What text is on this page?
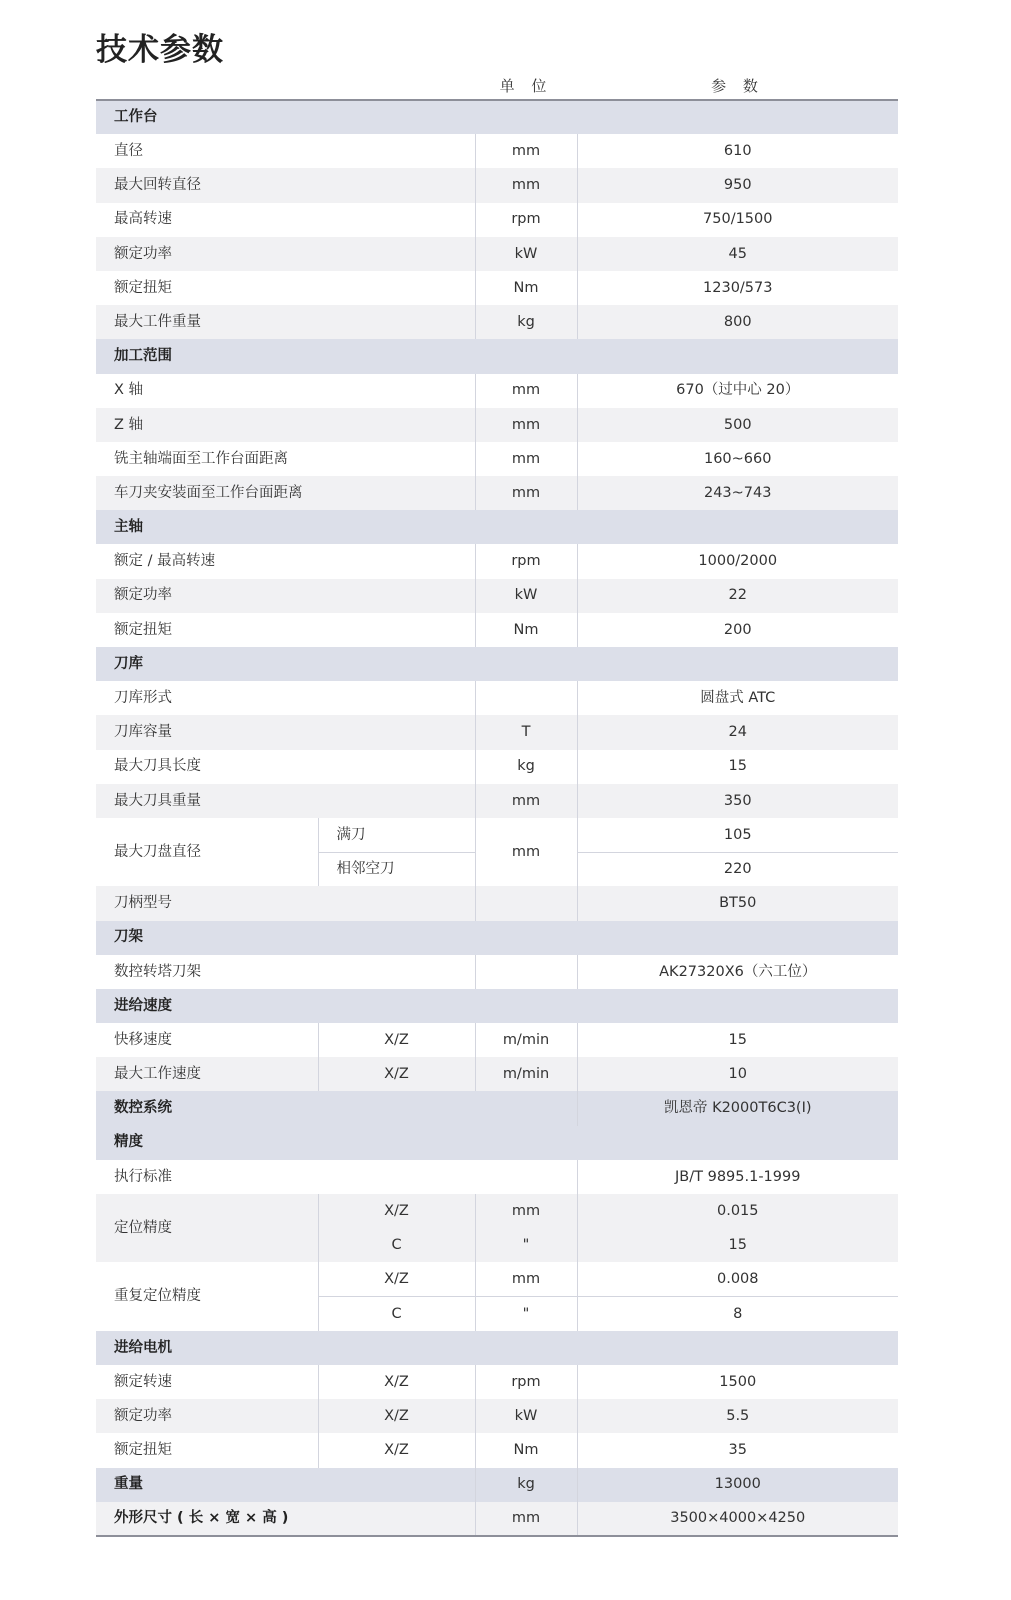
技术参数
单 位	参 数
工作台			
直径		mm	610
最大回转直径		mm	950
最高转速		rpm	750/1500
额定功率		kW	45
额定扭矩		Nm	1230/573
最大工件重量		kg	800
加工范围			
X 轴		mm	670（过中心 20）
Z 轴		mm	500
铣主轴端面至工作台面距离		mm	160~660
车刀夹安装面至工作台面距离		mm	243~743
主轴			
额定 / 最高转速		rpm	1000/2000
额定功率		kW	22
额定扭矩		Nm	200
刀库			
刀库形式			圆盘式 ATC
刀库容量		T	24
最大刀具长度		kg	15
最大刀具重量		mm	350
最大刀盘直径	满刀	mm	105
	相邻空刀		220
刀柄型号			BT50
刀架			
数控转塔刀架			AK27320X6（六工位）
进给速度			
快移速度	X/Z	m/min	15
最大工作速度	X/Z	m/min	10
数控系统			凯恩帝 K2000T6C3(I)
精度			
执行标准			JB/T 9895.1-1999
定位精度	X/Z	mm	0.015
	C	"	15
重复定位精度	X/Z	mm	0.008
	C	"	8
进给电机			
额定转速	X/Z	rpm	1500
额定功率	X/Z	kW	5.5
额定扭矩	X/Z	Nm	35
重量		kg	13000
外形尺寸 ( 长 × 宽 × 高 )		mm	3500×4000×4250
